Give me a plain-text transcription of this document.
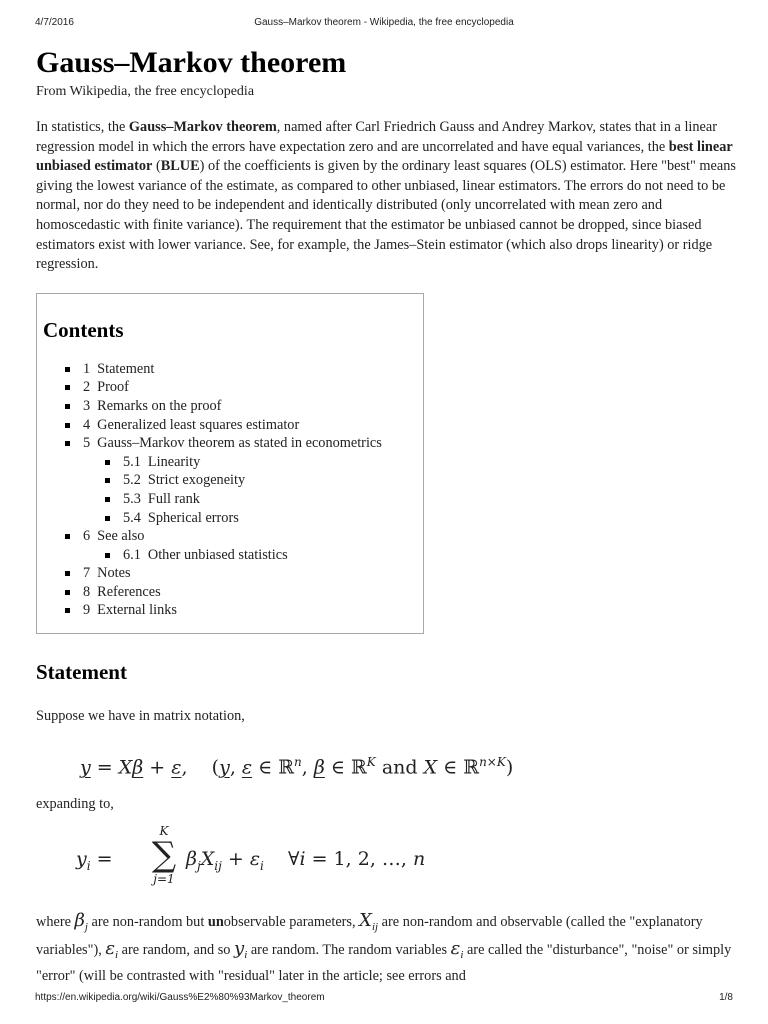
4/7/2016	Gauss–Markov theorem - Wikipedia, the free encyclopedia
Gauss–Markov theorem
From Wikipedia, the free encyclopedia

In statistics, the Gauss–Markov theorem, named after Carl Friedrich Gauss and Andrey Markov, states that in a linear regression model in which the errors have expectation zero and are uncorrelated and have equal variances, the best linear unbiased estimator (BLUE) of the coefficients is given by the ordinary least squares (OLS) estimator. Here "best" means giving the lowest variance of the estimate, as compared to other unbiased, linear estimators. The errors do not need to be normal, nor do they need to be independent and identically distributed (only uncorrelated with mean zero and homoscedastic with finite variance). The requirement that the estimator be unbiased cannot be dropped, since biased estimators exist with lower variance. See, for example, the James–Stein estimator (which also drops linearity) or ridge regression.

Contents
1 Statement
2 Proof
3 Remarks on the proof
4 Generalized least squares estimator
5 Gauss–Markov theorem as stated in econometrics
5.1 Linearity
5.2 Strict exogeneity
5.3 Full rank
5.4 Spherical errors
6 See also
6.1 Other unbiased statistics
7 Notes
8 References
9 External links
Statement

Suppose we have in matrix notation,

y = Xβ + ε,    (y, ε ∈ ℝ$^n$, β ∈ ℝ$^K$ and X ∈ ℝ$^{n\times K}$)

expanding to,

$y_i$ =
K
∑
j=1
$\beta_jX_{ij} + \varepsilon_i$    ∀i = 1, 2, …, n

where $\beta_j$ are non-random but unobservable parameters, $X_{ij}$ are non-random and observable (called the "explanatory variables"), $\varepsilon_i$ are random, and so $y_i$ are random. The random variables $\varepsilon_i$ are called the "disturbance", "noise" or simply "error" (will be contrasted with "residual" later in the article; see errors and

https://en.wikipedia.org/wiki/Gauss%E2%80%93Markov_theorem	1/8
